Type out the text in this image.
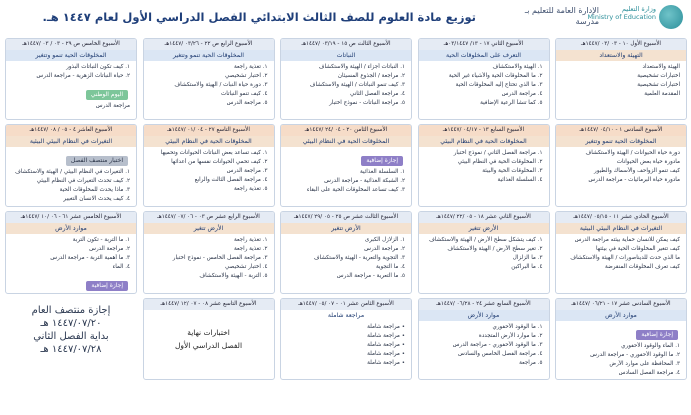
وزارة التعليم
Ministry of Education
الإدارة العامة للتعليم بـ
مدرسة
توزيع مادة العلوم للصف الثالث الابتدائي الفصل الدراسي الأول لعام ١٤٤٧ هـ.
الأسبوع الأول ١٠ - ٠٣ /٠٣ /١٤٤٧هـ
التهيئة والاستعداد
الهيئة والاستعداد
اختبارات تشخيصية
اختبارات تشخيصية
المقدمة العلمية
الأسبوع الثاني ١٧ - ١٣/ ٠٣/١٤٤٧هـ
التعرف على المخلوقات الحية
١. الهيئة والاستكشاف
٢. ما المخلوقات الحية والأشياء غير الحية
٣. ما الذي تحتاج إليه المخلوقات الحية
٤. مراجعة الدرس
٥. كما تنشأ الرعية الإضافية
الأسبوع الثالث ص ١٥ - ٠٣/١٩ /١٤٤٧هـ
النباتات
١. النباتات أجزاء / الهيئة والاستكشاف
٢. مراجعة / الجذوع المسيئان
٣. كيف تنمو النباتات / الهيئة والاستكشاف
٤. مراجعة الفصل الثاني
٥. مراجعة النباتات - نموذج اختبار
الأسبوع الرابع ص ٢٢ - ٠٣/٢٦ /١٤٤٧هـ
المخلوقات الحية تنمو وتتغير
١. تغذية راجعة
٢. اختبار تشخيصي
٣. دورة حياة النبات / الهيئة والاستكشاف
٤. كيف تنمو النباتات
٥. مراجعة الدرس
الأسبوع الخامس ص ٢٩ - ٠٣ / ٠٣ /١٤٤٧هـ
المخلوقات الحية تنمو وتتغير
١. كيف تكون النباتات البذور
٢. حياة النباتات الزهرية - مراجعة الدرس
اليوم الوطني
مراجعة الدرس
الأسبوع السادس ١ - ٠٤/١٠ /١٤٤٧هـ
المخلوقات الحية تنمو وتتغير
دورة حياة الحيوانات / الهيئة والاستكشاف
مادورة حياة بعض الحيوانات
كيف تنمو الزواحف والأسماك والطيور
مادورة حياة البرمائيات - مراجعة الدرس
الأسبوع السابع ١٣ - ٠٤/١٧ /١٤٤٧هـ
المخلوقات الحية في النظام البيئي
١. مراجعة الفصل الثاني / نموذج اختبار
٢. المخلوقات الحية في النظام البيئي
٣. المخلوقات الحية والبيئة
٤. السلسلة الغذائية
الأسبوع الثامن ٢٠ - ٠٤ /٢٤ /١٤٤٧هـ
المخلوقات الحية في النظام البيئي
إجازة إضافية
١. السلسلة الغذائية
٢. الشبكة الغذائية - مراجعة الدرس
٣. كيف تساعد المخلوقات الحية على البقاء
الأسبوع التاسع ٢٧ - ٠٤ /٠١ /١٤٤٧هـ
المخلوقات الحية في النظام البيئي
١. كيف تساعد بعض النباتات الحيوانات وتحميها
٢. كيف تحمي الحيوانات نفسها من أعدائها
٣. مراجعة الدرس
٤. مراجعة الفصل الثالث والرابع
٥. تغذية راجعة
الأسبوع العاشر ٤ - ٠٥ / ٠٨ /١٤٤٧هـ
التغيرات في النظام البيئي البيئية
اختبار منتصف الفصل
١. التغيرات في النظام البيئي / الهيئة والاستكشاف
٢. كيف تحدث التغيرات في النظام البيئي
٣. ماذا يحدث للمخلوقات الحية
٤. كيف يحدث الانسان التغيير
الأسبوع الحادي عشر ١١ - ٠٥/١٥ /١٤٤٧هـ
التغيرات في النظام البيئي البيئية
كيف يمكن للانسان حماية بيئته مراجعة الدرس
كيف تتغير المخلوقات الحية في بيئتها
ما الذي حدث للديناصورات / الهيئة والاستكشاف
كيف تعرف المخلوقات المنقرضة
الأسبوع الثاني عشر ١٨ - ٠٥ /٢٢ /١٤٤٧هـ
الأرض تتغير
١. كيف يتشكل سطح الأرض / الهيئة والاستكشاف
٢. تغير سطح الأرض / الهيئة والاستكشاف
٣. ما الزلزال
٤. ما البراكين
الأسبوع الثالث عشر ص ٢٥ - ٠٥ /٢٩ /١٤٤٧هـ
الأرض تتغير
١. الزلازل الكبرى
٢. مراجعة الدرس
٣. التجوية والتعرية - الهيئة والاستكشاف
٤. ما التجوية
٥. ما التعرية - مراجعة الدرس
الأسبوع الرابع عشر ص ٠٣ - ٠٦ /٠٧ /١٤٤٧هـ
الأرض تتغير
١. تغذية راجعة
٢. تغذية راجعة
٣. مراجعة الفصل الخامس - نموذج اختبار
٤. اختبار تشخيصي
٥. التربة - الهيئة والاستكشاف
الأسبوع الخامس عشر ٦١ - ٠٦ /١٠ /١٤٤٧هـ
موارد الأرض
١. ما التربة - تكون التربة
٢. مراجعة الدرس
٣. ما أهمية التربة - مراجعة الدرس
٤. الماء
إجازة إضافية
الأسبوع السادس عشر ١٧ - ٠٦/٢١ /١٤٤٧هـ
موارد الأرض
إجازة إضافية
١. الماء والوقود الأحفوري
٢. ما الوقود الأحفوري - مراجعة الدرس
٣. المحافظة على موارد الأرض
٤. مراجعة الفصل السادس
الأسبوع السابع عشر ٢٤ - ٠٦/٢٨ /١٤٤٧هـ
موارد الأرض
١. ما الوقود الأحفوري
٢. ما موارد الأرض المتجددة
٣. ما الوقود الأحفوري - مراجعة الدرس
٤. مراجعة الفصل الخامس والسادس
٥. مراجعة
الأسبوع الثامن عشر ٠١ - ٠٧ /٠٥ /١٤٤٧هـ
مراجعة شاملة
• مراجعة شاملة
• مراجعة شاملة
• مراجعة شاملة
• مراجعة شاملة
• مراجعة شاملة
الأسبوع التاسع عشر ٠٨ - ٠٧ /١٢ /١٤٤٧هـ
اختبارات نهاية
الفصل الدراسي الأول
إجازة منتصف العام
١٤٤٧/٠٧/٢٠ هـ
بداية الفصل الثاني
١٤٤٧/٠٧/٢٨ هـ
